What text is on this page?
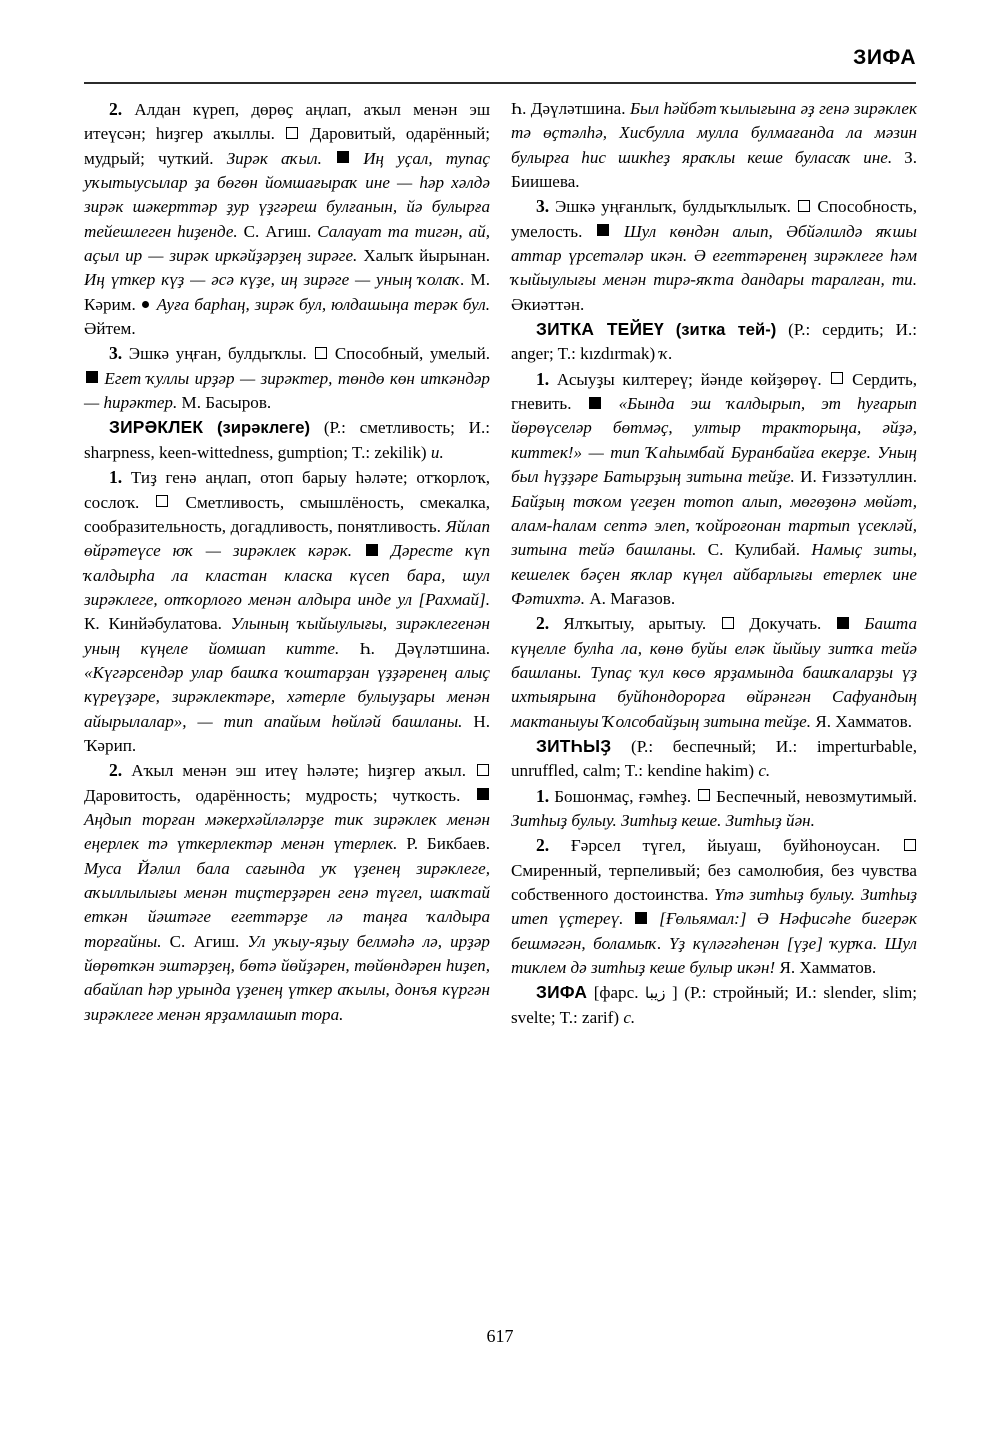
ЗИФА

2. Алдан күреп, дөрөҫ аңлап, аҡыл менән эш итеүсән; һиҙгер аҡыллы. Даровитый, одарённый; мудрый; чуткий. Зирәк аҡыл. Иң уҫал, тупаҫ уҡытыусылар ҙа бөгөн йомшағыраҡ ине — һәр хәлдә зирәк шәкерттәр ҙур үҙгәреш булғанын, йә булырға тейешлеген һиҙенде. С. Агиш. Салауат та тигән, ай, аҫыл ир — зирәк иркәйҙәрҙең зирәге. Халыҡ йырынан. Иң үткер күҙ — әсә күҙе, иң зирәге — уның ҡолаҡ. М. Кәрим. Ауға барһаң, зирәк бул, юлдашыңа терәк бул. Әйтем.

3. Эшкә уңған, булдыҡлы. Способный, умелый.  Егет ҡуллы ирҙәр — зирәктер, төндө көн иткәндәр — һирәктер. М. Басыров.

ЗИРӘКЛЕК (зирәклеге) (Р.: сметливость; И.: sharpness, keen-wittedness, gumption; T.: zekilik) и.

1. Тиҙ генә аңлап, отоп барыу һәләте; отҡорлоҡ, сослоҡ.	Сметливость, смышлёность, смекалка, сообразительность, догадливость, понятливость. Яйлап өйрәтеүсе юҡ — зирәклек кәрәк. Дәресте күп ҡалдырһа ла кластан класка күсеп бара, шул зирәклеге, отҡорлоғо менән алдыра инде ул [Рахмай]. К. Кинйәбулатова. Улының ҡыйыулығы, зирәклегенән уның күңеле йомшап китте. Һ. Дәүләтшина. «Күгәрсендәр улар башҡа ҡоштарҙан үҙҙәренең алыҫ күреүҙәре, зирәклектәре, хәтерле булыуҙары менән айырылалар», — тип апайым һөйләй башланы. Н. Ҡәрип.

2. Аҡыл менән эш итеү һәләте; һиҙгер аҡыл.  Даровитость, одарённость; мудрость; чуткость.  Аңдып торған мәкерхәйләләрҙе тик зирәклек менән еңерлек тә үткерлектәр менән үтерлек. Р. Бикбаев. Муса Йәлил бала сағында уҡ үҙенең зирәклеге, аҡыллылығы менән тиҫтерҙәрен генә түгел, шаҡтай еткән йәштәге егеттәрҙе лә таңға ҡалдыра торғайны. С. Агиш. Ул уҡыу-яҙыу белмәһә лә, ирҙәр йөрөткән эштәрҙең, бөтә йөйҙәрен, төйөндәрен һиҙеп, абайлап һәр урында үҙенең үткер аҡылы, донъя күргән зирәклеге менән ярҙамлашып тора.

Һ. Дәүләтшина. Был һәйбәт ҡылығына әҙ генә зирәклек тә өҫтәлһә, Хисбулла мулла булмағанда ла мәзин булырға һис шикһеҙ яраҡлы кеше буласаҡ ине. З. Биишева.

3. Эшкә уңғанлыҡ, булдыҡлылыҡ. Способность, умелость. Шул көндән алып, Әбйәлилдә яҡшы аттар үрсетәләр икән. Ә егеттәренең зирәклеге һәм ҡыйыулығы менән тирә-яҡта дандары таралған, ти. Әкиәттән.

ЗИТКА ТЕЙЕҮ (зитка тей-) (Р.: сердить; И.: anger; T.: kızdırmak) ҡ.

1. Асыуҙы килтереү; йәнде көйҙөрөү. Сердить, гневить.	«Бында эш ҡалдырып, эт һуғарып йөрөүселәр бөтмәҫ, ултыр тракторыңа, әйҙә, киттек!» — тип Ҡаһымбай Буранбайға екерҙе. Уның был һүҙҙәре Батырҙың зитына тейҙе. И. Ғиззәтуллин. Байҙың тоҡом үгеҙен тотоп алып, мөгөҙөнә мөйәт, алам-һалам септә элеп, ҡойроғонан тартып үсекләй, зитына тейә башланы. С. Кулибай. Намыҫ зиты, кешелек бәҫен яҡлар күңел айбарлығы етерлек ине Фәтихтә. А. Мағазов.

2. Ялҡытыу, арытыу.	Докучать.	Башта күңелле булһа ла, көнө буйы еләк йыйыу зитҡа тейә башланы. Тупаҫ ҡул көсө ярҙамында башҡаларҙы үҙ ихтыярына буйһондорорға өйрәнгән Сафуандың мактаныуы Ҡолсобайҙың зитына тейҙе. Я. Хамматов.

ЗИТҺЫҘ (Р.: беспечный; И.: imperturbable, unruffled, calm; T.: kendine hakim) с.

1. Бошонмаҫ, ғәмһеҙ. Беспечный, невозмутимый. Зитһыҙ булыу. Зитһыҙ кеше. Зитһыҙ йән.

2. Ғәрсел түгел, йыуаш, буйһоноусан.  Смиренный, терпеливый; без самолюбия, без чувства собственного достоинства. Үтә зитһыҙ булыу. Зитһыҙ итеп үҫтереү. [Ғөльямал:] Ә Нәфисәһе бигерәк бешмәгән, боламыҡ. Үҙ күләгәһенән [үҙе] ҡурҡа. Шул тиклем дә зитһыҙ кеше булыр икән! Я. Хамматов.

ЗИФА [фарс. زيبا ] (Р.: стройный; И.: slender, slim; svelte; T.: zarif) с.

617
